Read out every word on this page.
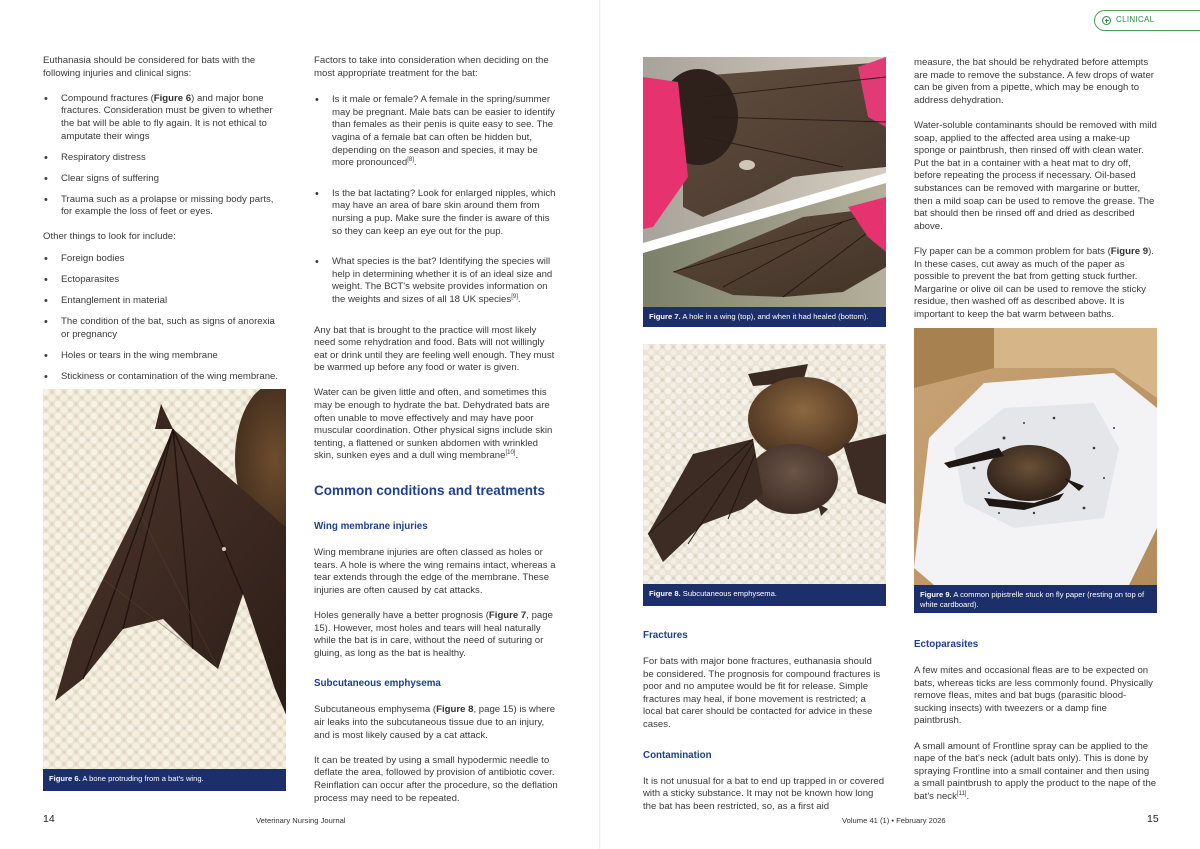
Euthanasia should be considered for bats with the following injuries and clinical signs:

• Compound fractures (Figure 6) and major bone fractures. Consideration must be given to whether the bat will be able to fly again. It is not ethical to amputate their wings
• Respiratory distress
• Clear signs of suffering
• Trauma such as a prolapse or missing body parts, for example the loss of feet or eyes.

Other things to look for include:

• Foreign bodies
• Ectoparasites
• Entanglement in material
• The condition of the bat, such as signs of anorexia or pregnancy
• Holes or tears in the wing membrane
• Stickiness or contamination of the wing membrane.
Figure 6. A bone protruding from a bat's wing.

Factors to take into consideration when deciding on the most appropriate treatment for the bat:

• Is it male or female? A female in the spring/summer may be pregnant. Male bats can be easier to identify than females as their penis is quite easy to see. The vagina of a female bat can often be hidden but, depending on the season and species, it may be more pronounced[8].
• Is the bat lactating? Look for enlarged nipples, which may have an area of bare skin around them from nursing a pup. Make sure the finder is aware of this so they can keep an eye out for the pup.
• What species is the bat? Identifying the species will help in determining whether it is of an ideal size and weight. The BCT's website provides information on the weights and sizes of all 18 UK species[9].

Any bat that is brought to the practice will most likely need some rehydration and food. Bats will not willingly eat or drink until they are feeling well enough. They must be warmed up before any food or water is given.

Water can be given little and often, and sometimes this may be enough to hydrate the bat. Dehydrated bats are often unable to move effectively and may have poor muscular coordination. Other physical signs include skin tenting, a flattened or sunken abdomen with wrinkled skin, sunken eyes and a dull wing membrane[10].

Common conditions and treatments
Wing membrane injuries

Wing membrane injuries are often classed as holes or tears. A hole is where the wing remains intact, whereas a tear extends through the edge of the membrane. These injuries are often caused by cat attacks.

Holes generally have a better prognosis (Figure 7, page 15). However, most holes and tears will heal naturally while the bat is in care, without the need of suturing or gluing, as long as the bat is healthy.

Subcutaneous emphysema

Subcutaneous emphysema (Figure 8, page 15) is where air leaks into the subcutaneous tissue due to an injury, and is most likely caused by a cat attack.

It can be treated by using a small hypodermic needle to deflate the area, followed by provision of antibiotic cover. Reinflation can occur after the procedure, so the deflation process may need to be repeated.

14	Veterinary Nursing Journal
CLINICAL
Figure 7. A hole in a wing (top), and when it had healed (bottom).
Figure 8. Subcutaneous emphysema.
Fractures

For bats with major bone fractures, euthanasia should be considered. The prognosis for compound fractures is poor and no amputee would be fit for release. Simple fractures may heal, if bone movement is restricted; a local bat carer should be contacted for advice in these cases.

Contamination

It is not unusual for a bat to end up trapped in or covered with a sticky substance. It may not be known how long the bat has been restricted, so, as a first aid

measure, the bat should be rehydrated before attempts are made to remove the substance. A few drops of water can be given from a pipette, which may be enough to address dehydration.

Water-soluble contaminants should be removed with mild soap, applied to the affected area using a make-up sponge or paintbrush, then rinsed off with clean water. Put the bat in a container with a heat mat to dry off, before repeating the process if necessary. Oil-based substances can be removed with margarine or butter, then a mild soap can be used to remove the grease. The bat should then be rinsed off and dried as described above.

Fly paper can be a common problem for bats (Figure 9). In these cases, cut away as much of the paper as possible to prevent the bat from getting stuck further. Margarine or olive oil can be used to remove the sticky residue, then washed off as described above. It is important to keep the bat warm between baths.

Figure 9. A common pipistrelle stuck on fly paper (resting on top of white cardboard).
Ectoparasites

A few mites and occasional fleas are to be expected on bats, whereas ticks are less commonly found. Physically remove fleas, mites and bat bugs (parasitic blood-sucking insects) with tweezers or a damp fine paintbrush.

A small amount of Frontline spray can be applied to the nape of the bat's neck (adult bats only). This is done by spraying Frontline into a small container and then using a small paintbrush to apply the product to the nape of the bat's neck[11].

Volume 41 (1) • February 2026	15
